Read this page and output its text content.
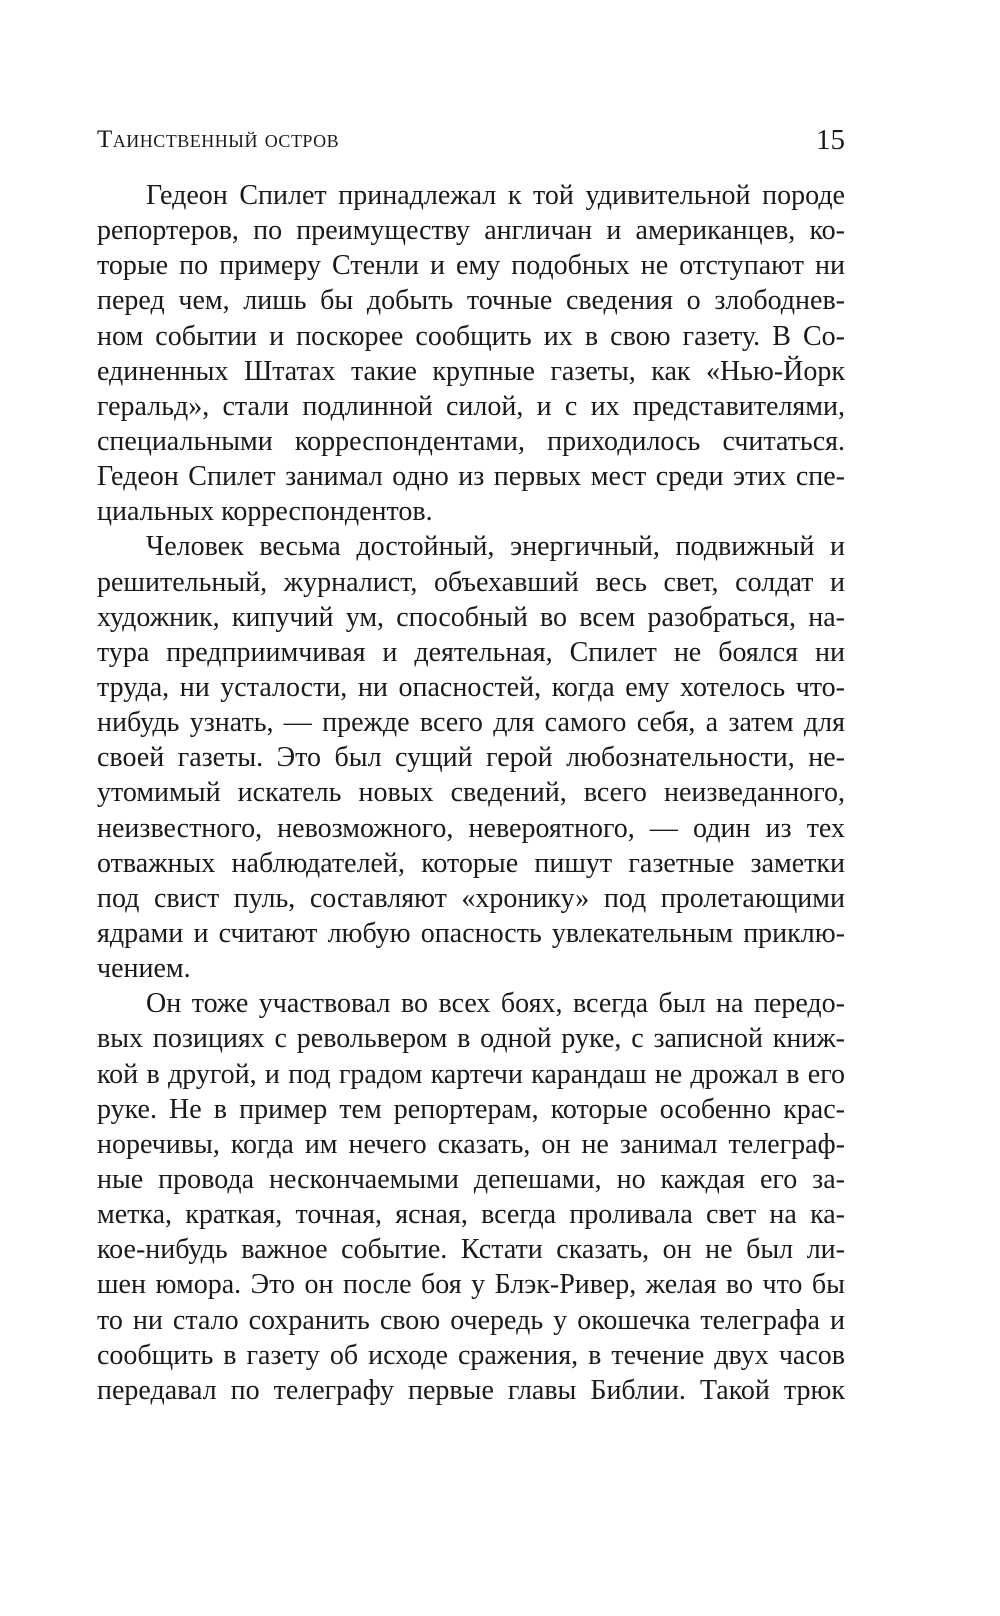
Таинственный остров	15
Гедеон Спилет принадлежал к той удивительной породе
репортеров, по преимуществу англичан и американцев, ко-
торые по примеру Стенли и ему подобных не отступают ни
перед чем, лишь бы добыть точные сведения о злободнев-
ном событии и поскорее сообщить их в свою газету. В Со-
единенных Штатах такие крупные газеты, как «Нью-Йорк
геральд», стали подлинной силой, и с их представителями,
специальными корреспондентами, приходилось считаться.
Гедеон Спилет занимал одно из первых мест среди этих спе-
циальных корреспондентов.
Человек весьма достойный, энергичный, подвижный и
решительный, журналист, объехавший весь свет, солдат и
художник, кипучий ум, способный во всем разобраться, на-
тура предприимчивая и деятельная, Спилет не боялся ни
труда, ни усталости, ни опасностей, когда ему хотелось что-
нибудь узнать, — прежде всего для самого себя, а затем для
своей газеты. Это был сущий герой любознательности, не-
утомимый искатель новых сведений, всего неизведанного,
неизвестного, невозможного, невероятного, — один из тех
отважных наблюдателей, которые пишут газетные заметки
под свист пуль, составляют «хронику» под пролетающими
ядрами и считают любую опасность увлекательным приклю-
чением.
Он тоже участвовал во всех боях, всегда был на передо-
вых позициях с револьвером в одной руке, с записной книж-
кой в другой, и под градом картечи карандаш не дрожал в его
руке. Не в пример тем репортерам, которые особенно крас-
норечивы, когда им нечего сказать, он не занимал телеграф-
ные провода нескончаемыми депешами, но каждая его за-
метка, краткая, точная, ясная, всегда проливала свет на ка-
кое-нибудь важное событие. Кстати сказать, он не был ли-
шен юмора. Это он после боя у Блэк-Ривер, желая во что бы
то ни стало сохранить свою очередь у окошечка телеграфа и
сообщить в газету об исходе сражения, в течение двух часов
передавал по телеграфу первые главы Библии. Такой трюк
